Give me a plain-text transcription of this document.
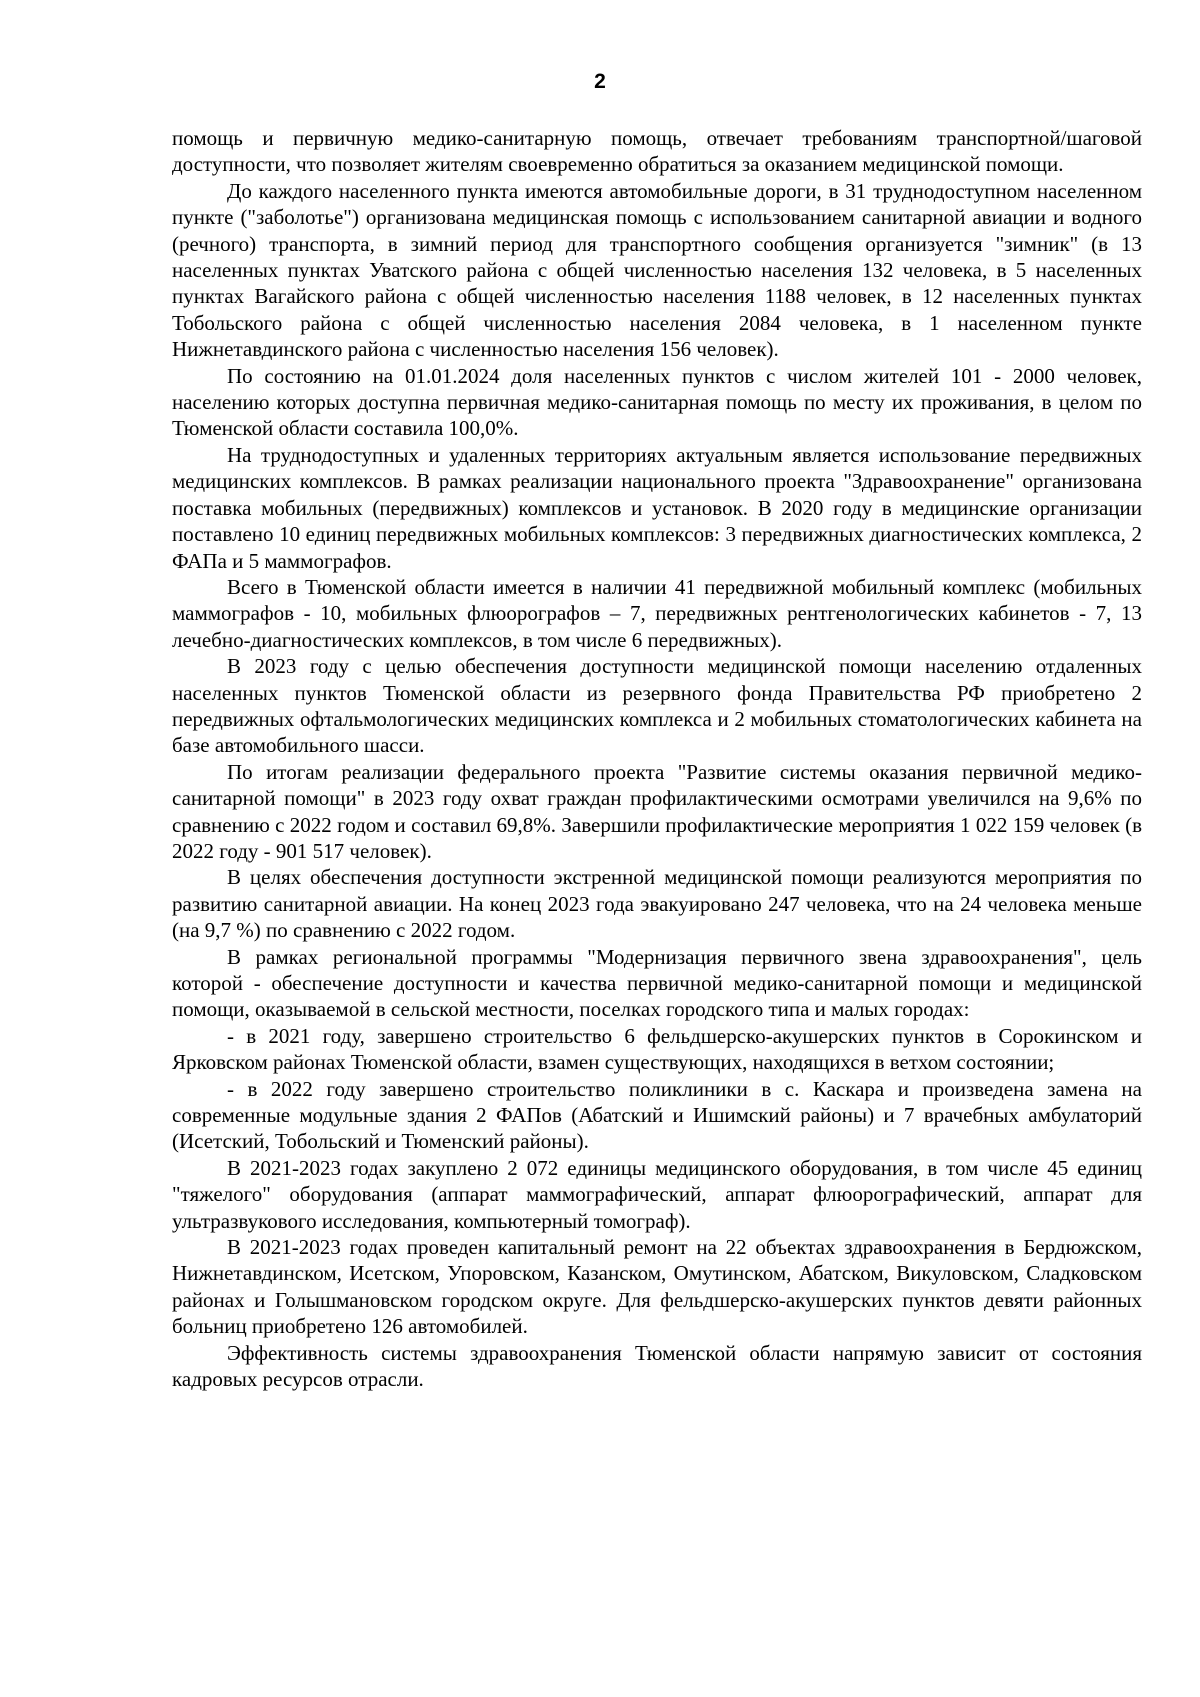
2

помощь и первичную медико-санитарную помощь, отвечает требованиям транспортной/шаговой доступности, что позволяет жителям своевременно обратиться за оказанием медицинской помощи.

До каждого населенного пункта имеются автомобильные дороги, в 31 труднодоступном населенном пункте ("заболотье") организована медицинская помощь с использованием санитарной авиации и водного (речного) транспорта, в зимний период для транспортного сообщения организуется "зимник" (в 13 населенных пунктах Уватского района с общей численностью населения 132 человека, в 5 населенных пунктах Вагайского района с общей численностью населения 1188 человек, в 12 населенных пунктах Тобольского района с общей численностью населения 2084 человека, в 1 населенном пункте Нижнетавдинского района с численностью населения 156 человек).

По состоянию на 01.01.2024 доля населенных пунктов с числом жителей 101 - 2000 человек, населению которых доступна первичная медико-санитарная помощь по месту их проживания, в целом по Тюменской области составила 100,0%.

На труднодоступных и удаленных территориях актуальным является использование передвижных медицинских комплексов. В рамках реализации национального проекта "Здравоохранение" организована поставка мобильных (передвижных) комплексов и установок. В 2020 году в медицинские организации поставлено 10 единиц передвижных мобильных комплексов: 3 передвижных диагностических комплекса, 2 ФАПа и 5 маммографов.

Всего в Тюменской области имеется в наличии 41 передвижной мобильный комплекс (мобильных маммографов - 10, мобильных флюорографов – 7, передвижных рентгенологических кабинетов - 7, 13 лечебно-диагностических комплексов, в том числе 6 передвижных).

В 2023 году с целью обеспечения доступности медицинской помощи населению отдаленных населенных пунктов Тюменской области из резервного фонда Правительства РФ приобретено 2 передвижных офтальмологических медицинских комплекса и 2 мобильных стоматологических кабинета на базе автомобильного шасси.

По итогам реализации федерального проекта "Развитие системы оказания первичной медико-санитарной помощи" в 2023 году охват граждан профилактическими осмотрами увеличился на 9,6% по сравнению с 2022 годом и составил 69,8%. Завершили профилактические мероприятия 1 022 159 человек (в 2022 году - 901 517 человек).

В целях обеспечения доступности экстренной медицинской помощи реализуются мероприятия по развитию санитарной авиации. На конец 2023 года эвакуировано 247 человека, что на 24 человека меньше (на 9,7 %) по сравнению с 2022 годом.

В рамках региональной программы "Модернизация первичного звена здравоохранения", цель которой - обеспечение доступности и качества первичной медико-санитарной помощи и медицинской помощи, оказываемой в сельской местности, поселках городского типа и малых городах:

- в 2021 году, завершено строительство 6 фельдшерско-акушерских пунктов в Сорокинском и Ярковском районах Тюменской области, взамен существующих, находящихся в ветхом состоянии;

- в 2022 году завершено строительство поликлиники в с. Каскара и произведена замена на современные модульные здания 2 ФАПов (Абатский и Ишимский районы) и 7 врачебных амбулаторий (Исетский, Тобольский и Тюменский районы).

В 2021-2023 годах закуплено 2 072 единицы медицинского оборудования, в том числе 45 единиц "тяжелого" оборудования (аппарат маммографический, аппарат флюорографический, аппарат для ультразвукового исследования, компьютерный томограф).

В 2021-2023 годах проведен капитальный ремонт на 22 объектах здравоохранения в Бердюжском, Нижнетавдинском, Исетском, Упоровском, Казанском, Омутинском, Абатском, Викуловском, Сладковском районах и Голышмановском городском округе. Для фельдшерско-акушерских пунктов девяти районных больниц приобретено 126 автомобилей.

Эффективность системы здравоохранения Тюменской области напрямую зависит от состояния кадровых ресурсов отрасли.
